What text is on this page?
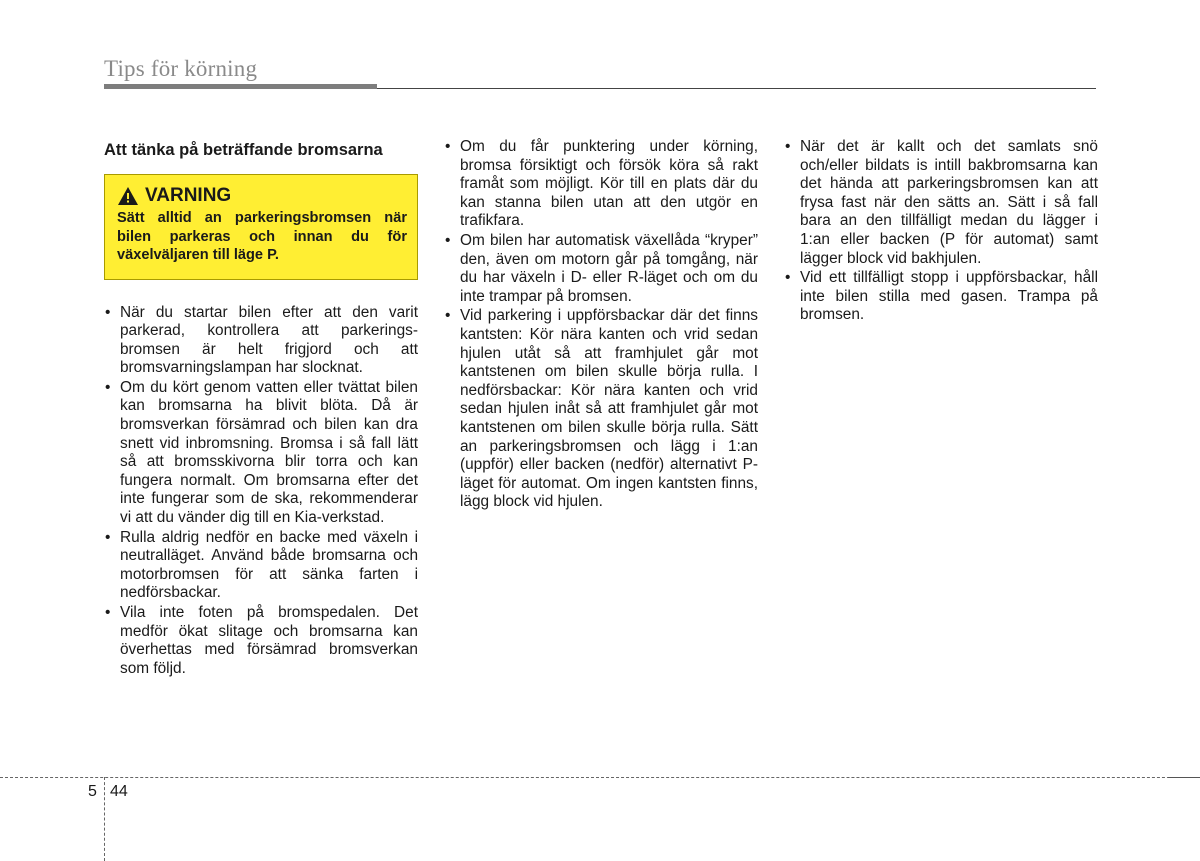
Tips för körning
Att tänka på beträffande bromsarna
VARNING
Sätt alltid an parkeringsbromsen när bilen parkeras och innan du för växelväljaren till läge P.
• När du startar bilen efter att den varit parkerad, kontrollera att parkeringsbromsen är helt frigjord och att bromsvarningslampan har slocknat.
• Om du kört genom vatten eller tvättat bilen kan bromsarna ha blivit blöta. Då är bromsverkan försämrad och bilen kan dra snett vid inbromsning. Bromsa i så fall lätt så att bromsskivorna blir torra och kan fungera normalt. Om bromsarna efter det inte fungerar som de ska, rekommenderar vi att du vänder dig till en Kia-verkstad.
• Rulla aldrig nedför en backe med växeln i neutralläget. Använd både bromsarna och motorbromsen för att sänka farten i nedförsbackar.
• Vila inte foten på bromspedalen. Det medför ökat slitage och bromsarna kan överhettas med försämrad bromsverkan som följd.
• Om du får punktering under körning, bromsa försiktigt och försök köra så rakt framåt som möjligt. Kör till en plats där du kan stanna bilen utan att den utgör en trafikfara.
• Om bilen har automatisk växellåda “kryper” den, även om motorn går på tomgång, när du har växeln i D- eller R-läget och om du inte trampar på bromsen.
• Vid parkering i uppförsbackar där det finns kantsten: Kör nära kanten och vrid sedan hjulen utåt så att framhjulet går mot kantstenen om bilen skulle börja rulla. I nedförsbackar: Kör nära kanten och vrid sedan hjulen inåt så att framhjulet går mot kantstenen om bilen skulle börja rulla. Sätt an parkeringsbromsen och lägg i 1:an (uppför) eller backen (nedför) alternativt P-läget för automat. Om ingen kantsten finns, lägg block vid hjulen.
• När det är kallt och det samlats snö och/eller bildats is intill bakbromsarna kan det hända att parkeringsbromsen kan att frysa fast när den sätts an. Sätt i så fall bara an den tillfälligt medan du lägger i 1:an eller backen (P för automat) samt lägger block vid bakhjulen.
• Vid ett tillfälligt stopp i uppförsbackar, håll inte bilen stilla med gasen. Trampa på bromsen.
5 44
